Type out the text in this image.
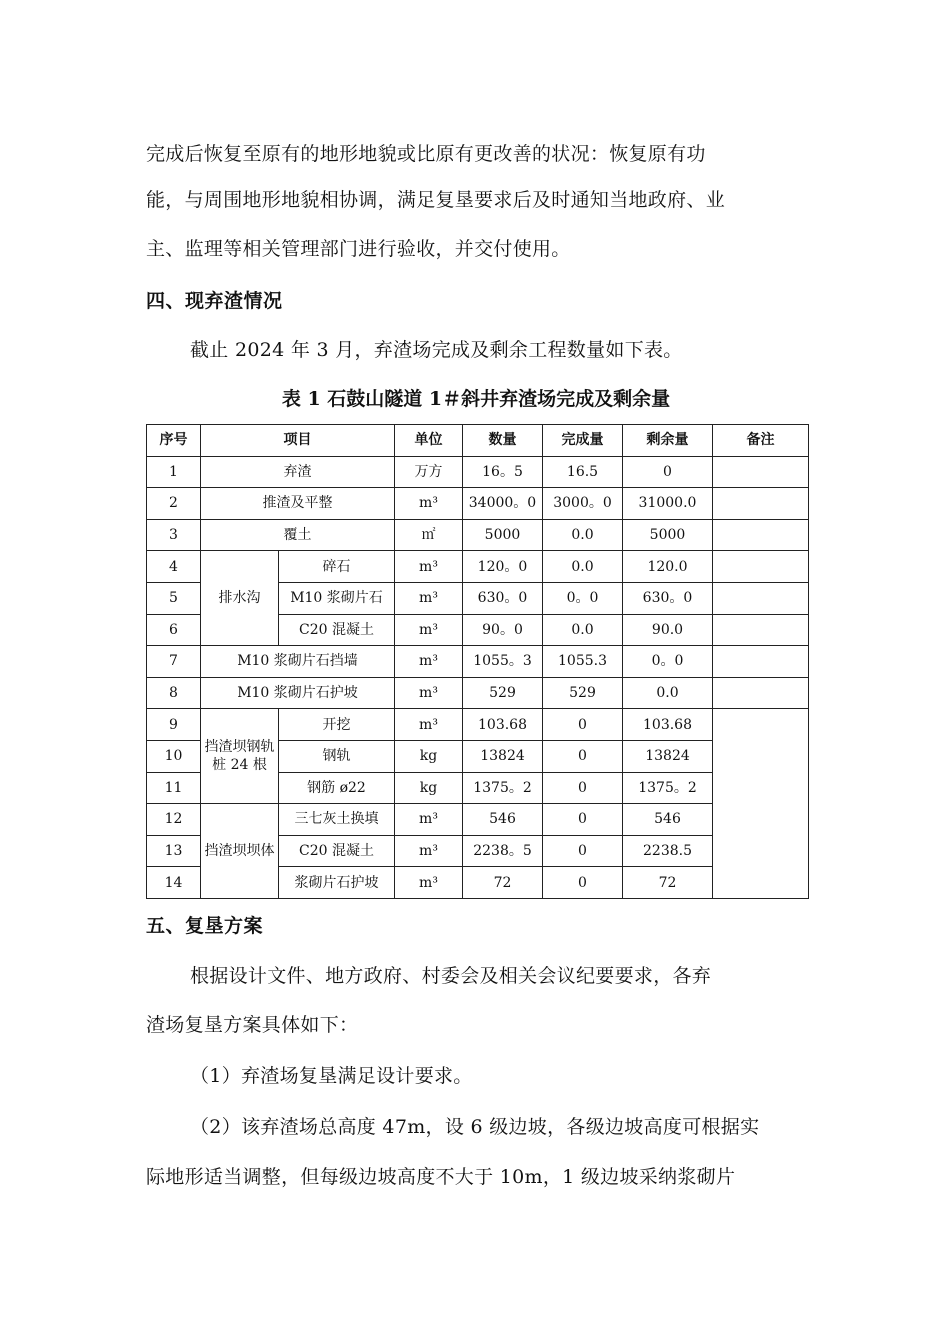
完成后恢复至原有的地形地貌或比原有更改善的状况：恢复原有功

能，与周围地形地貌相协调，满足复垦要求后及时通知当地政府、业

主、监理等相关管理部门进行验收，并交付使用。

四、现弃渣情况

截止 2024 年 3 月，弃渣场完成及剩余工程数量如下表。

表 1 石鼓山隧道 1＃斜井弃渣场完成及剩余量
序号	项目		单位	数量	完成量	剩余量	备注
1	弃渣		万方	16。5	16.5	0	
2	推渣及平整		m³	34000。0	3000。0	31000.0	
3	覆土		㎡	5000	0.0	5000	
4	排水沟	碎石	m³	120。0	0.0	120.0	
5		M10 浆砌片石	m³	630。0	0。0	630。0	
6		C20 混凝土	m³	90。0	0.0	90.0	
7	M10 浆砌片石挡墙		m³	1055。3	1055.3	0。0	
8	M10 浆砌片石护坡		m³	529	529	0.0	
9	挡渣坝钢轨桩 24 根	开挖	m³	103.68	0	103.68	
10		钢轨	kg	13824	0	13824	
11		钢筋 ø22	kg	1375。2	0	1375。2	
12	挡渣坝坝体	三七灰土换填	m³	546	0	546	
13		C20 混凝土	m³	2238。5	0	2238.5	
14		浆砌片石护坡	m³	72	0	72	
五、复垦方案

根据设计文件、地方政府、村委会及相关会议纪要要求，各弃

渣场复垦方案具体如下：

（1）弃渣场复垦满足设计要求。

（2）该弃渣场总高度 47m，设 6 级边坡，各级边坡高度可根据实

际地形适当调整，但每级边坡高度不大于 10m，1 级边坡采纳浆砌片
